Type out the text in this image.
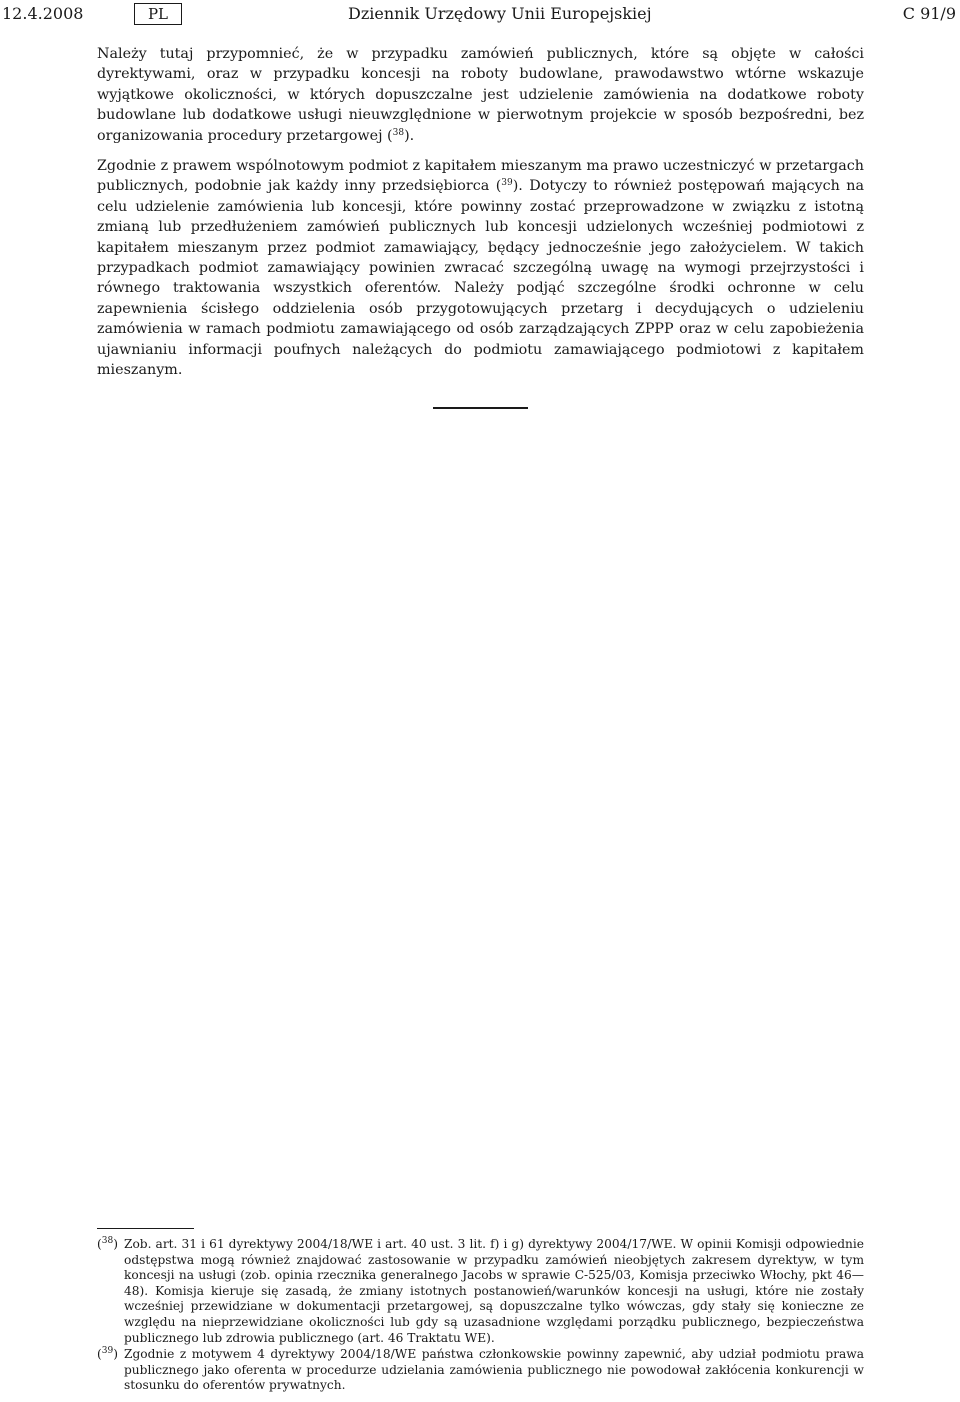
12.4.2008	PL	Dziennik Urzędowy Unii Europejskiej	C 91/9

Należy tutaj przypomnieć, że w przypadku zamówień publicznych, które są objęte w całości dyrektywami, oraz w przypadku koncesji na roboty budowlane, prawodawstwo wtórne wskazuje wyjątkowe okoliczności, w których dopuszczalne jest udzielenie zamówienia na dodatkowe roboty budowlane lub dodatkowe usługi nieuwzględnione w pierwotnym projekcie w sposób bezpośredni, bez organizowania procedury przetargowej ($^{38}$).

Zgodnie z prawem wspólnotowym podmiot z kapitałem mieszanym ma prawo uczestniczyć w przetargach publicznych, podobnie jak każdy inny przedsiębiorca ($^{39}$). Dotyczy to również postępowań mających na celu udzielenie zamówienia lub koncesji, które powinny zostać przeprowadzone w związku z istotną zmianą lub przedłużeniem zamówień publicznych lub koncesji udzielonych wcześniej podmiotowi z kapitałem mieszanym przez podmiot zamawiający, będący jednocześnie jego założycielem. W takich przypadkach podmiot zamawiający powinien zwracać szczególną uwagę na wymogi przejrzystości i równego traktowania wszystkich oferentów. Należy podjąć szczególne środki ochronne w celu zapewnienia ścisłego oddzielenia osób przygotowujących przetarg i decydujących o udzieleniu zamówienia w ramach podmiotu zamawiającego od osób zarządzających ZPPP oraz w celu zapobieżenia ujawnianiu informacji poufnych należących do podmiotu zamawiającego podmiotowi z kapitałem mieszanym.

($^{38}$) Zob. art. 31 i 61 dyrektywy 2004/18/WE i art. 40 ust. 3 lit. f) i g) dyrektywy 2004/17/WE. W opinii Komisji odpowiednie odstępstwa mogą również znajdować zastosowanie w przypadku zamówień nieobjętych zakresem dyrektyw, w tym koncesji na usługi (zob. opinia rzecznika generalnego Jacobs w sprawie C-525/03, Komisja przeciwko Włochy, pkt 46—48). Komisja kieruje się zasadą, że zmiany istotnych postanowień/warunków koncesji na usługi, które nie zostały wcześniej przewidziane w dokumentacji przetargowej, są dopuszczalne tylko wówczas, gdy stały się konieczne ze względu na nieprzewidziane okoliczności lub gdy są uzasadnione względami porządku publicznego, bezpieczeństwa publicznego lub zdrowia publicznego (art. 46 Traktatu WE).
($^{39}$) Zgodnie z motywem 4 dyrektywy 2004/18/WE państwa członkowskie powinny zapewnić, aby udział podmiotu prawa publicznego jako oferenta w procedurze udzielania zamówienia publicznego nie powodował zakłócenia konkurencji w stosunku do oferentów prywatnych.
